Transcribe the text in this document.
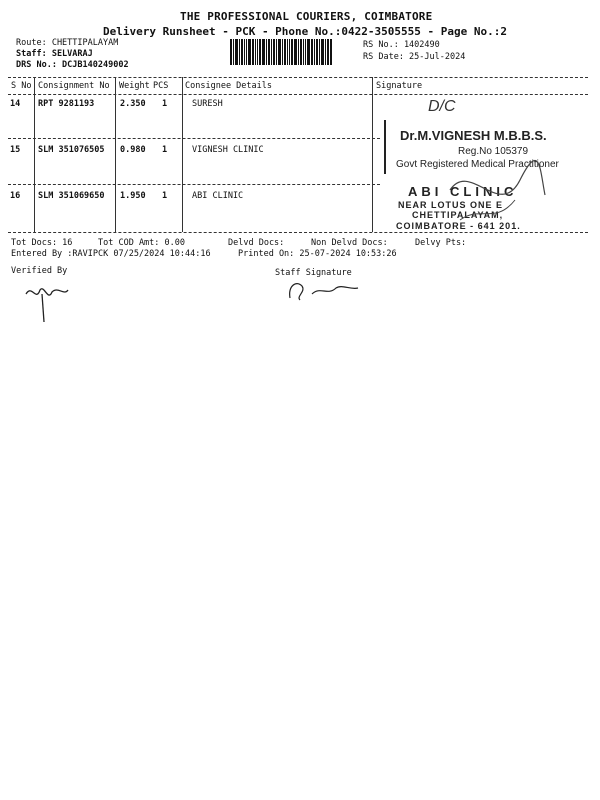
THE PROFESSIONAL COURIERS, COIMBATORE
Delivery Runsheet - PCK - Phone No.:0422-3505555 - Page No.:2
Route: CHETTIPALAYAM
Staff: SELVARAJ
DRS No.: DCJB140249002
RS No.: 1402490
RS Date: 25-Jul-2024
S No Consignment No Weight PCS Consignee Details	Signature
14 RPT 9281193	2.350 1	SURESH
15 SLM 351076505 0.980 1	VIGNESH CLINIC
16 SLM 351069650 1.950 1	ABI CLINIC
D/C
Dr.M.VIGNESH M.B.B.S.
Reg.No 105379
Govt Registered Medical Practitioner
ABI CLINIC
NEAR LOTUS ONE E
CHETTIPALAYAM,
COIMBATORE - 641 201.
Tot Docs: 16	Tot COD Amt: 0.00	Delvd Docs:	Non Delvd Docs:	Delvy Pts:
Entered By :RAVIPCK 07/25/2024 10:44:16	Printed On: 25-07-2024 10:53:26
Verified By	Staff Signature
